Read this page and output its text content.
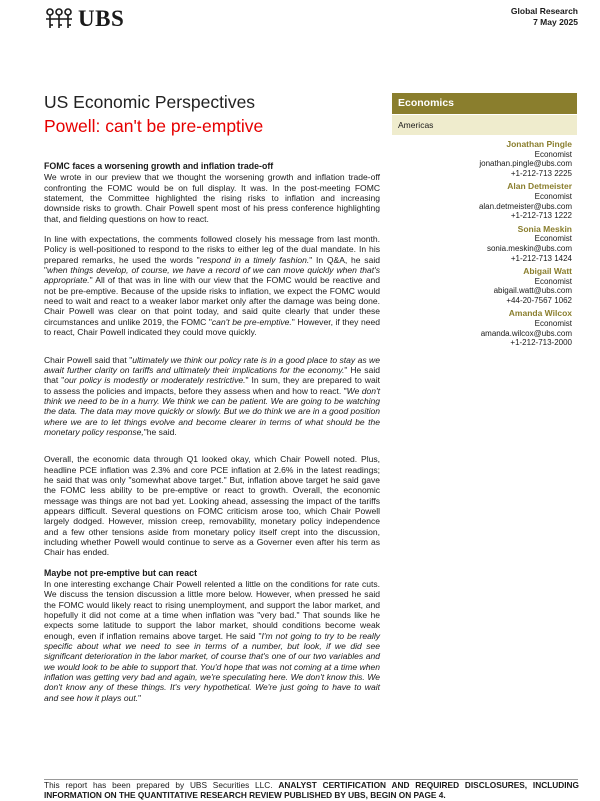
UBS	Global Research
7 May 2025
US Economic Perspectives
Powell: can't be pre-emptive
Economics
Americas
Jonathan Pingle
Economist
jonathan.pingle@ubs.com
+1-212-713 2225
Alan Detmeister
Economist
alan.detmeister@ubs.com
+1-212-713 1222
Sonia Meskin
Economist
sonia.meskin@ubs.com
+1-212-713 1424
Abigail Watt
Economist
abigail.watt@ubs.com
+44-20-7567 1062
Amanda Wilcox
Economist
amanda.wilcox@ubs.com
+1-212-713-2000
FOMC faces a worsening growth and inflation trade-off

We wrote in our preview that we thought the worsening growth and inflation trade-off confronting the FOMC would be on full display. It was. In the post-meeting FOMC statement, the Committee highlighted the rising risks to inflation and increasing downside risks to growth. Chair Powell spent most of his press conference highlighting that, and fielding questions on how to react.

In line with expectations, the comments followed closely his message from last month. Policy is well-positioned to respond to the risks to either leg of the dual mandate. In his prepared remarks, he used the words "respond in a timely fashion." In Q&A, he said "when things develop, of course, we have a record of we can move quickly when that's appropriate." All of that was in line with our view that the FOMC would be reactive and not be pre-emptive. Because of the upside risks to inflation, we expect the FOMC would need to wait and react to a weaker labor market only after the damage was being done. Chair Powell was clear on that point today, and said quite clearly that under these circumstances and unlike 2019, the FOMC "can't be pre-emptive." However, if they need to react, Chair Powell indicated they could move quickly.

Chair Powell said that "ultimately we think our policy rate is in a good place to stay as we await further clarity on tariffs and ultimately their implications for the economy." He said that "our policy is modestly or moderately restrictive." In sum, they are prepared to wait to assess the policies and impacts, before they assess when and how to react. "We don't think we need to be in a hurry. We think we can be patient. We are going to be watching the data. The data may move quickly or slowly. But we do think we are in a good position where we are to let things evolve and become clearer in terms of what should be the monetary policy response,"he said.

Overall, the economic data through Q1 looked okay, which Chair Powell noted. Plus, headline PCE inflation was 2.3% and core PCE inflation at 2.6% in the latest readings; he said that was only "somewhat above target." But, inflation above target he said gave the FOMC less ability to be pre-emptive or react to growth. Overall, the economic message was things are not bad yet. Looking ahead, assessing the impact of the tariffs appears difficult. Several questions on FOMC criticism arose too, which Chair Powell largely dodged. However, mission creep, removability, monetary policy independence and a few other tensions aside from monetary policy itself crept into the discussion, including whether Powell would continue to serve as a Governer even after his term as Chair has ended.

Maybe not pre-emptive but can react

In one interesting exchange Chair Powell relented a little on the conditions for rate cuts. We discuss the tension discussion a little more below. However, when pressed he said the FOMC would likely react to rising unemployment, and support the labor market, and hopefully it did not come at a time when inflation was "very bad." That sounds like he expects some latitude to support the labor market, should conditions become weak enough, even if inflation remains above target. He said "I'm not going to try to be really specific about what we need to see in terms of a number, but look, if we did see significant deterioration in the labor market, of course that's one of our two variables and we would look to be able to support that. You'd hope that was not coming at a time when inflation was getting very bad and again, we're speculating here. We don't know this. We don't know any of these things. It's very hypothetical. We're just going to have to wait and see how it plays out."

This report has been prepared by UBS Securities LLC. ANALYST CERTIFICATION AND REQUIRED DISCLOSURES, INCLUDING INFORMATION ON THE QUANTITATIVE RESEARCH REVIEW PUBLISHED BY UBS, BEGIN ON PAGE 4.
